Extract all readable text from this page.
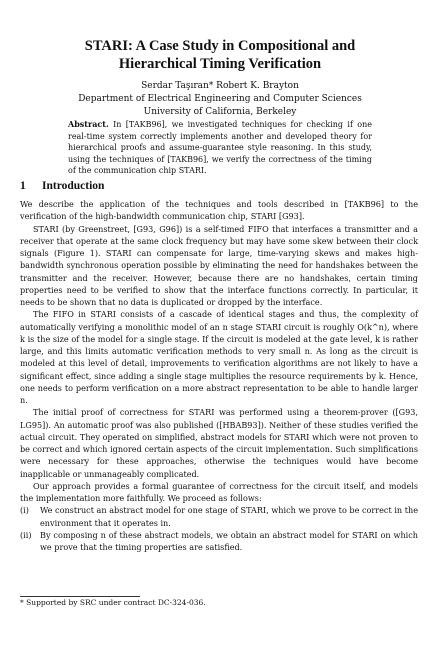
STARI: A Case Study in Compositional and
Hierarchical Timing Verification
Serdar Taşıran* Robert K. Brayton
Department of Electrical Engineering and Computer Sciences
University of California, Berkeley
Abstract. In [TAKB96], we investigated techniques for checking if one real-time system correctly implements another and developed theory for hierarchical proofs and assume-guarantee style reasoning. In this study, using the techniques of [TAKB96], we verify the correctness of the timing of the communication chip STARI.
1 Introduction

We describe the application of the techniques and tools described in [TAKB96] to the verification of the high-bandwidth communication chip, STARI [G93].

STARI (by Greenstreet, [G93, G96]) is a self-timed FIFO that interfaces a transmitter and a receiver that operate at the same clock frequency but may have some skew between their clock signals (Figure 1). STARI can compensate for large, time-varying skews and makes high-bandwidth synchronous operation possible by eliminating the need for handshakes between the transmitter and the receiver. However, because there are no handshakes, certain timing properties need to be verified to show that the interface functions correctly. In particular, it needs to be shown that no data is duplicated or dropped by the interface.

The FIFO in STARI consists of a cascade of identical stages and thus, the complexity of automatically verifying a monolithic model of an n stage STARI circuit is roughly O(k^n), where k is the size of the model for a single stage. If the circuit is modeled at the gate level, k is rather large, and this limits automatic verification methods to very small n. As long as the circuit is modeled at this level of detail, improvements to verification algorithms are not likely to have a significant effect, since adding a single stage multiplies the resource requirements by k. Hence, one needs to perform verification on a more abstract representation to be able to handle larger n.

The initial proof of correctness for STARI was performed using a theorem-prover ([G93, LG95]). An automatic proof was also published ([HBAB93]). Neither of these studies verified the actual circuit. They operated on simplified, abstract models for STARI which were not proven to be correct and which ignored certain aspects of the circuit implementation. Such simplifications were necessary for these approaches, otherwise the techniques would have become inapplicable or unmanageably complicated.

Our approach provides a formal guarantee of correctness for the circuit itself, and models the implementation more faithfully. We proceed as follows:

(i) We construct an abstract model for one stage of STARI, which we prove to be correct in the environment that it operates in.
(ii) By composing n of these abstract models, we obtain an abstract model for STARI on which we prove that the timing properties are satisfied.
* Supported by SRC under contract DC-324-036.
